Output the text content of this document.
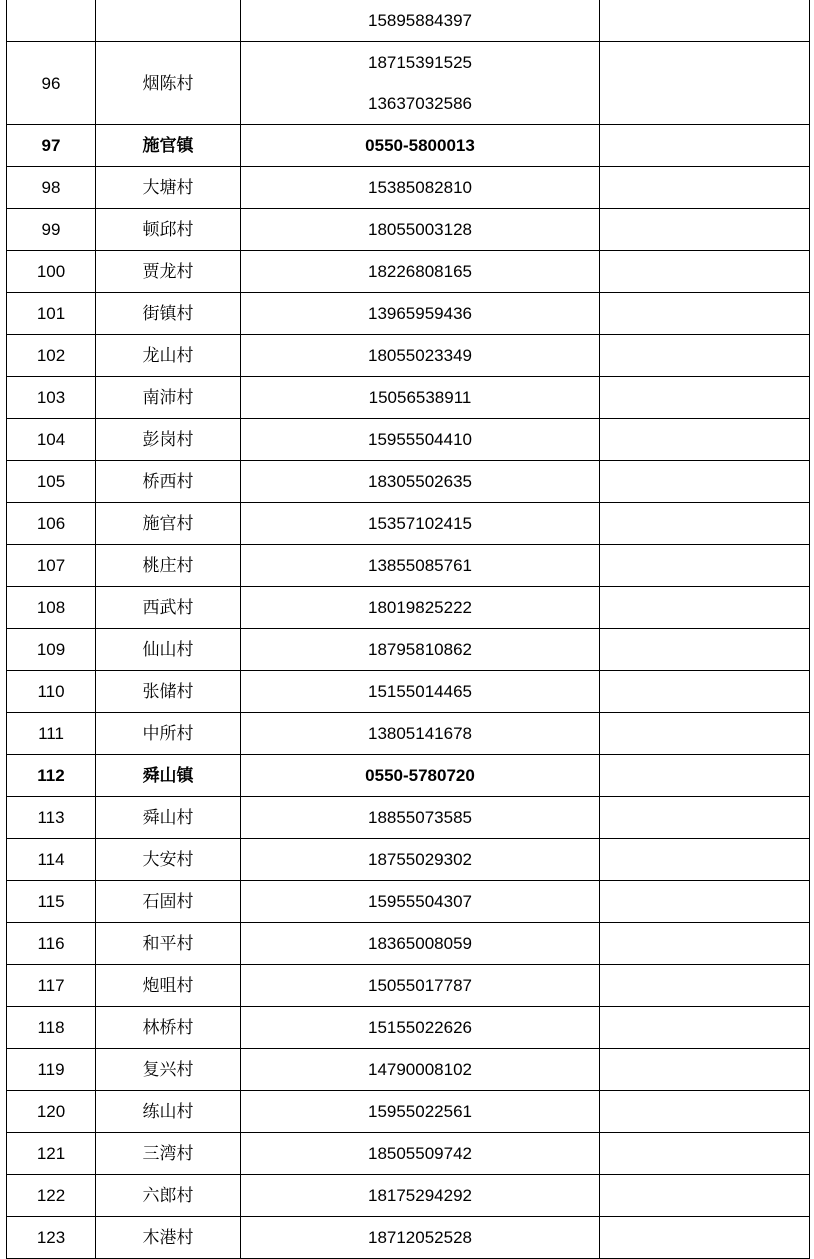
		15895884397	

96	烟陈村	18715391525
13637032586	

97	施官镇	0550-5800013	

98	大塘村	15385082810	

99	顿邱村	18055003128	

100	贾龙村	18226808165	

101	街镇村	13965959436	

102	龙山村	18055023349	

103	南沛村	15056538911	

104	彭岗村	15955504410	

105	桥西村	18305502635	

106	施官村	15357102415	

107	桃庄村	13855085761	

108	西武村	18019825222	

109	仙山村	18795810862	

110	张储村	15155014465	

111	中所村	13805141678	

112	舜山镇	0550-5780720	

113	舜山村	18855073585	

114	大安村	18755029302	

115	石固村	15955504307	

116	和平村	18365008059	

117	炮咀村	15055017787	

118	林桥村	15155022626	

119	复兴村	14790008102	

120	练山村	15955022561	

121	三湾村	18505509742	

122	六郎村	18175294292	

123	木港村	18712052528	
